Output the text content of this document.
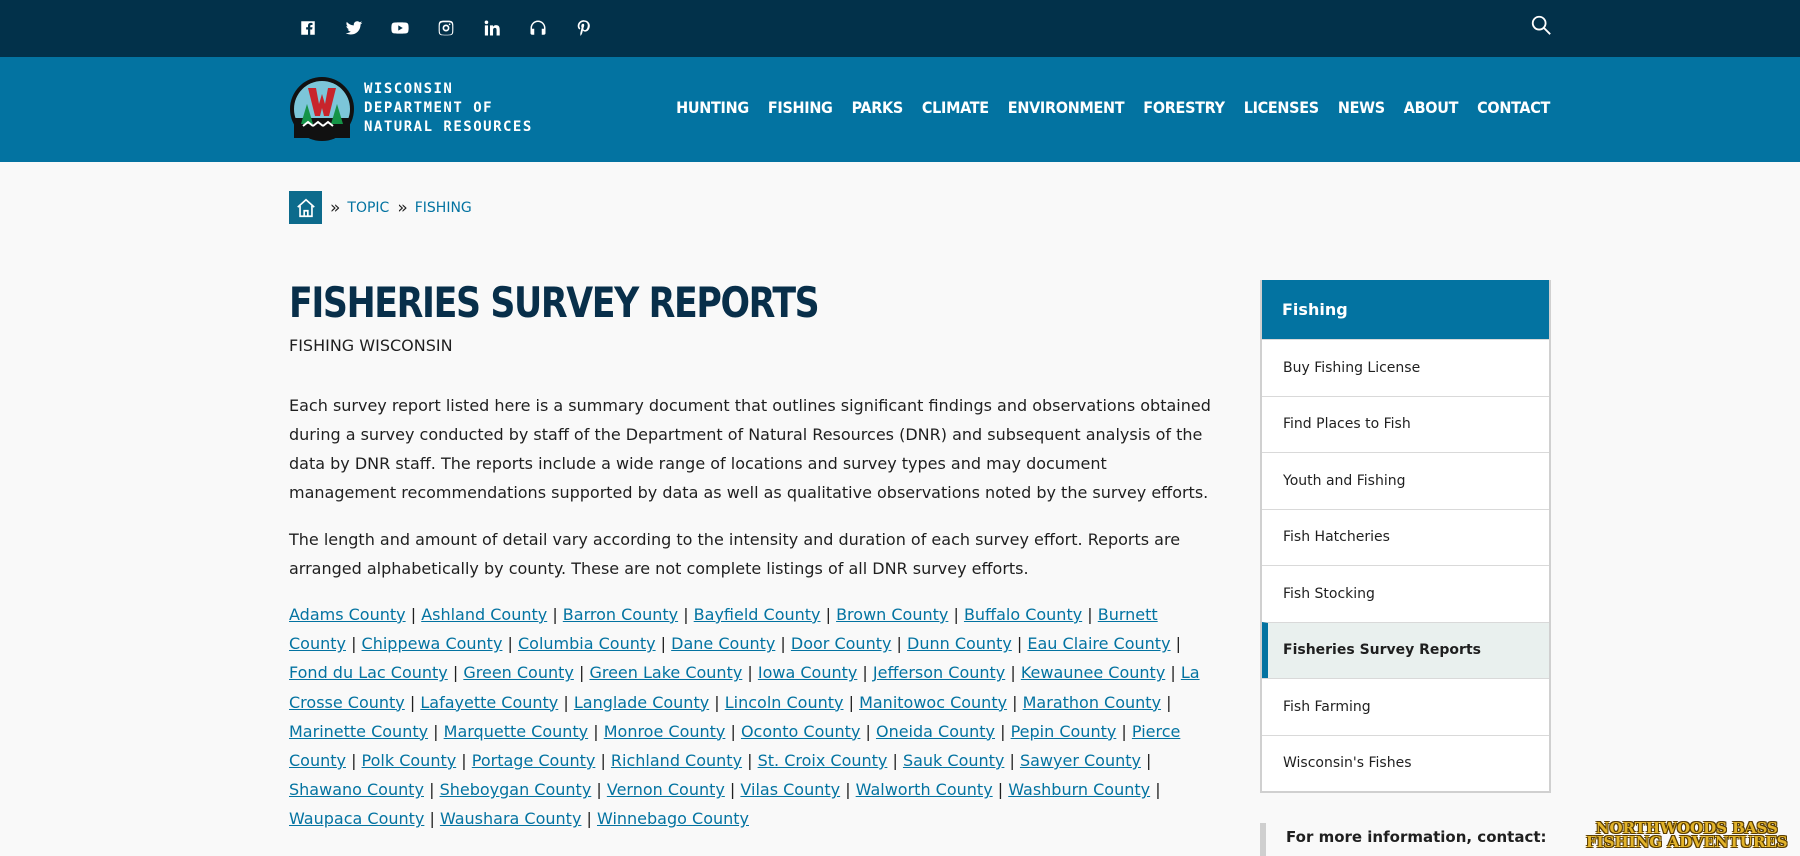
WISCONSIN
DEPARTMENT OF
NATURAL RESOURCES
HUNTING FISHING PARKS CLIMATE ENVIRONMENT FORESTRY LICENSES NEWS ABOUT CONTACT
» TOPIC » FISHING
FISHERIES SURVEY REPORTS
FISHING WISCONSIN

Each survey report listed here is a summary document that outlines significant findings and observations obtained during a survey conducted by staff of the Department of Natural Resources (DNR) and subsequent analysis of the data by DNR staff. The reports include a wide range of locations and survey types and may document management recommendations supported by data as well as qualitative observations noted by the survey efforts.

The length and amount of detail vary according to the intensity and duration of each survey effort. Reports are arranged alphabetically by county. These are not complete listings of all DNR survey efforts.

Adams County | Ashland County | Barron County | Bayfield County | Brown County | Buffalo County | Burnett County | Chippewa County | Columbia County | Dane County | Door County | Dunn County | Eau Claire County | Fond du Lac County | Green County | Green Lake County | Iowa County | Jefferson County | Kewaunee County | La Crosse County | Lafayette County | Langlade County | Lincoln County | Manitowoc County | Marathon County | Marinette County | Marquette County | Monroe County | Oconto County | Oneida County | Pepin County | Pierce County | Polk County | Portage County | Richland County | St. Croix County | Sauk County | Sawyer County | Shawano County | Sheboygan County | Vernon County | Vilas County | Walworth County | Washburn County | Waupaca County | Waushara County | Winnebago County
Fishing
Buy Fishing License
Find Places to Fish
Youth and Fishing
Fish Hatcheries
Fish Stocking
Fisheries Survey Reports
Fish Farming
Wisconsin's Fishes
For more information, contact:	NORTHWOODS BASS
FISHING ADVENTURES
